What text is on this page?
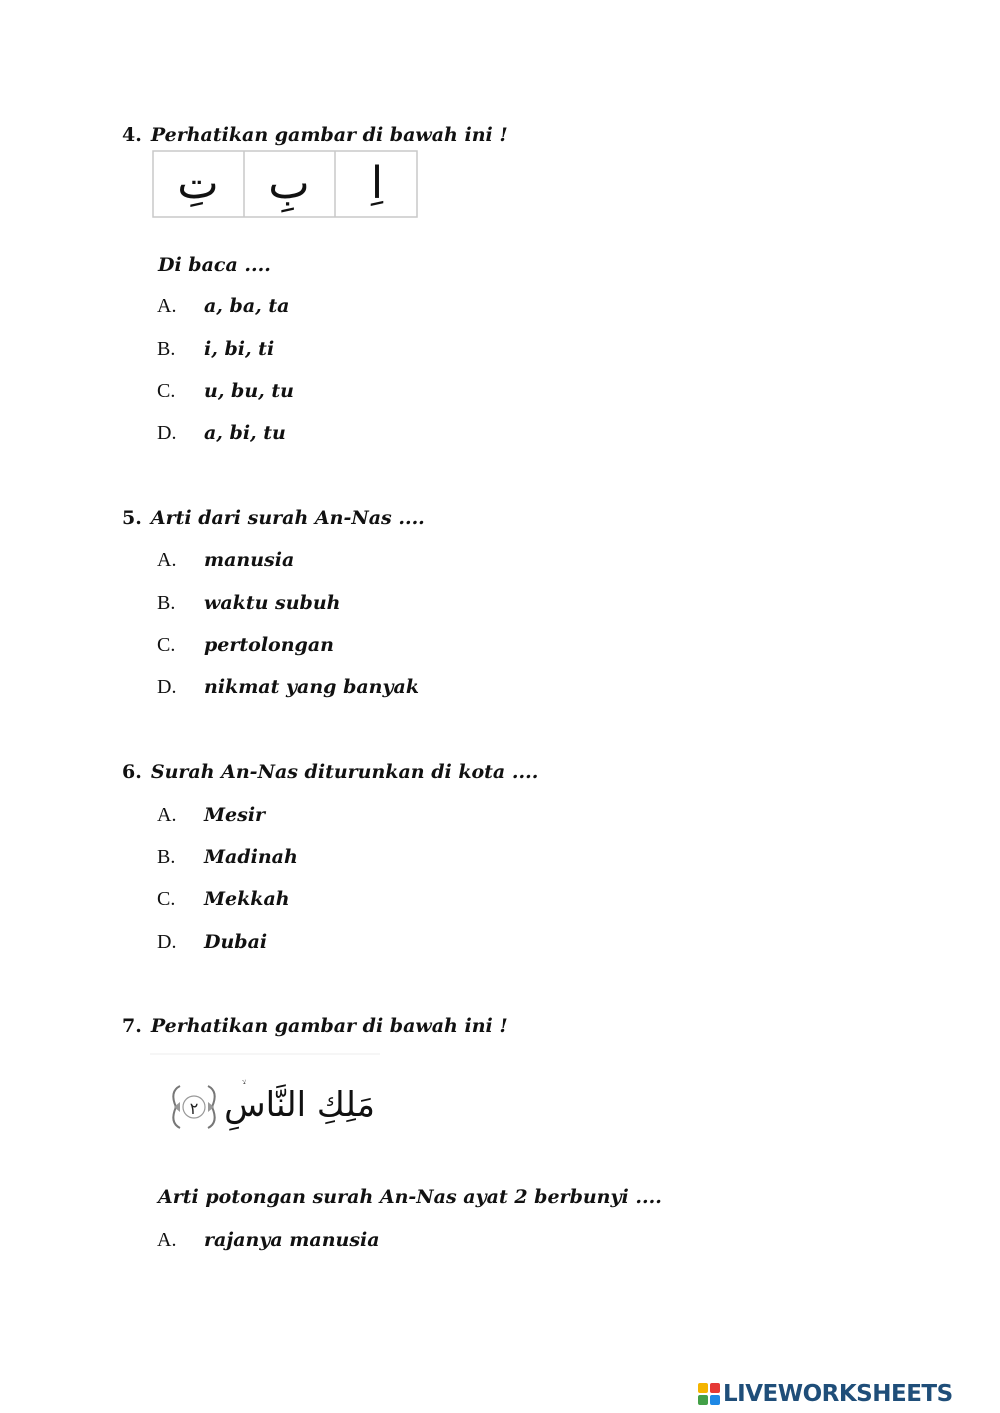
4. Perhatikan gambar di bawah ini !
تِ بِ اِ
Di baca ....
A. a, ba, ta
B. i, bi, ti
C. u, bu, tu
D. a, bi, tu
5. Arti dari surah An-Nas ....
A. manusia
B. waktu subuh
C. pertolongan
D. nikmat yang banyak
6. Surah An-Nas diturunkan di kota ....
A. Mesir
B. Madinah
C. Mekkah
D. Dubai
7. Perhatikan gambar di bawah ini !
٢ مَلِكِ النَّاسِ
Arti potongan surah An-Nas ayat 2 berbunyi ....
A. rajanya manusia
LIVEWORKSHEETS
